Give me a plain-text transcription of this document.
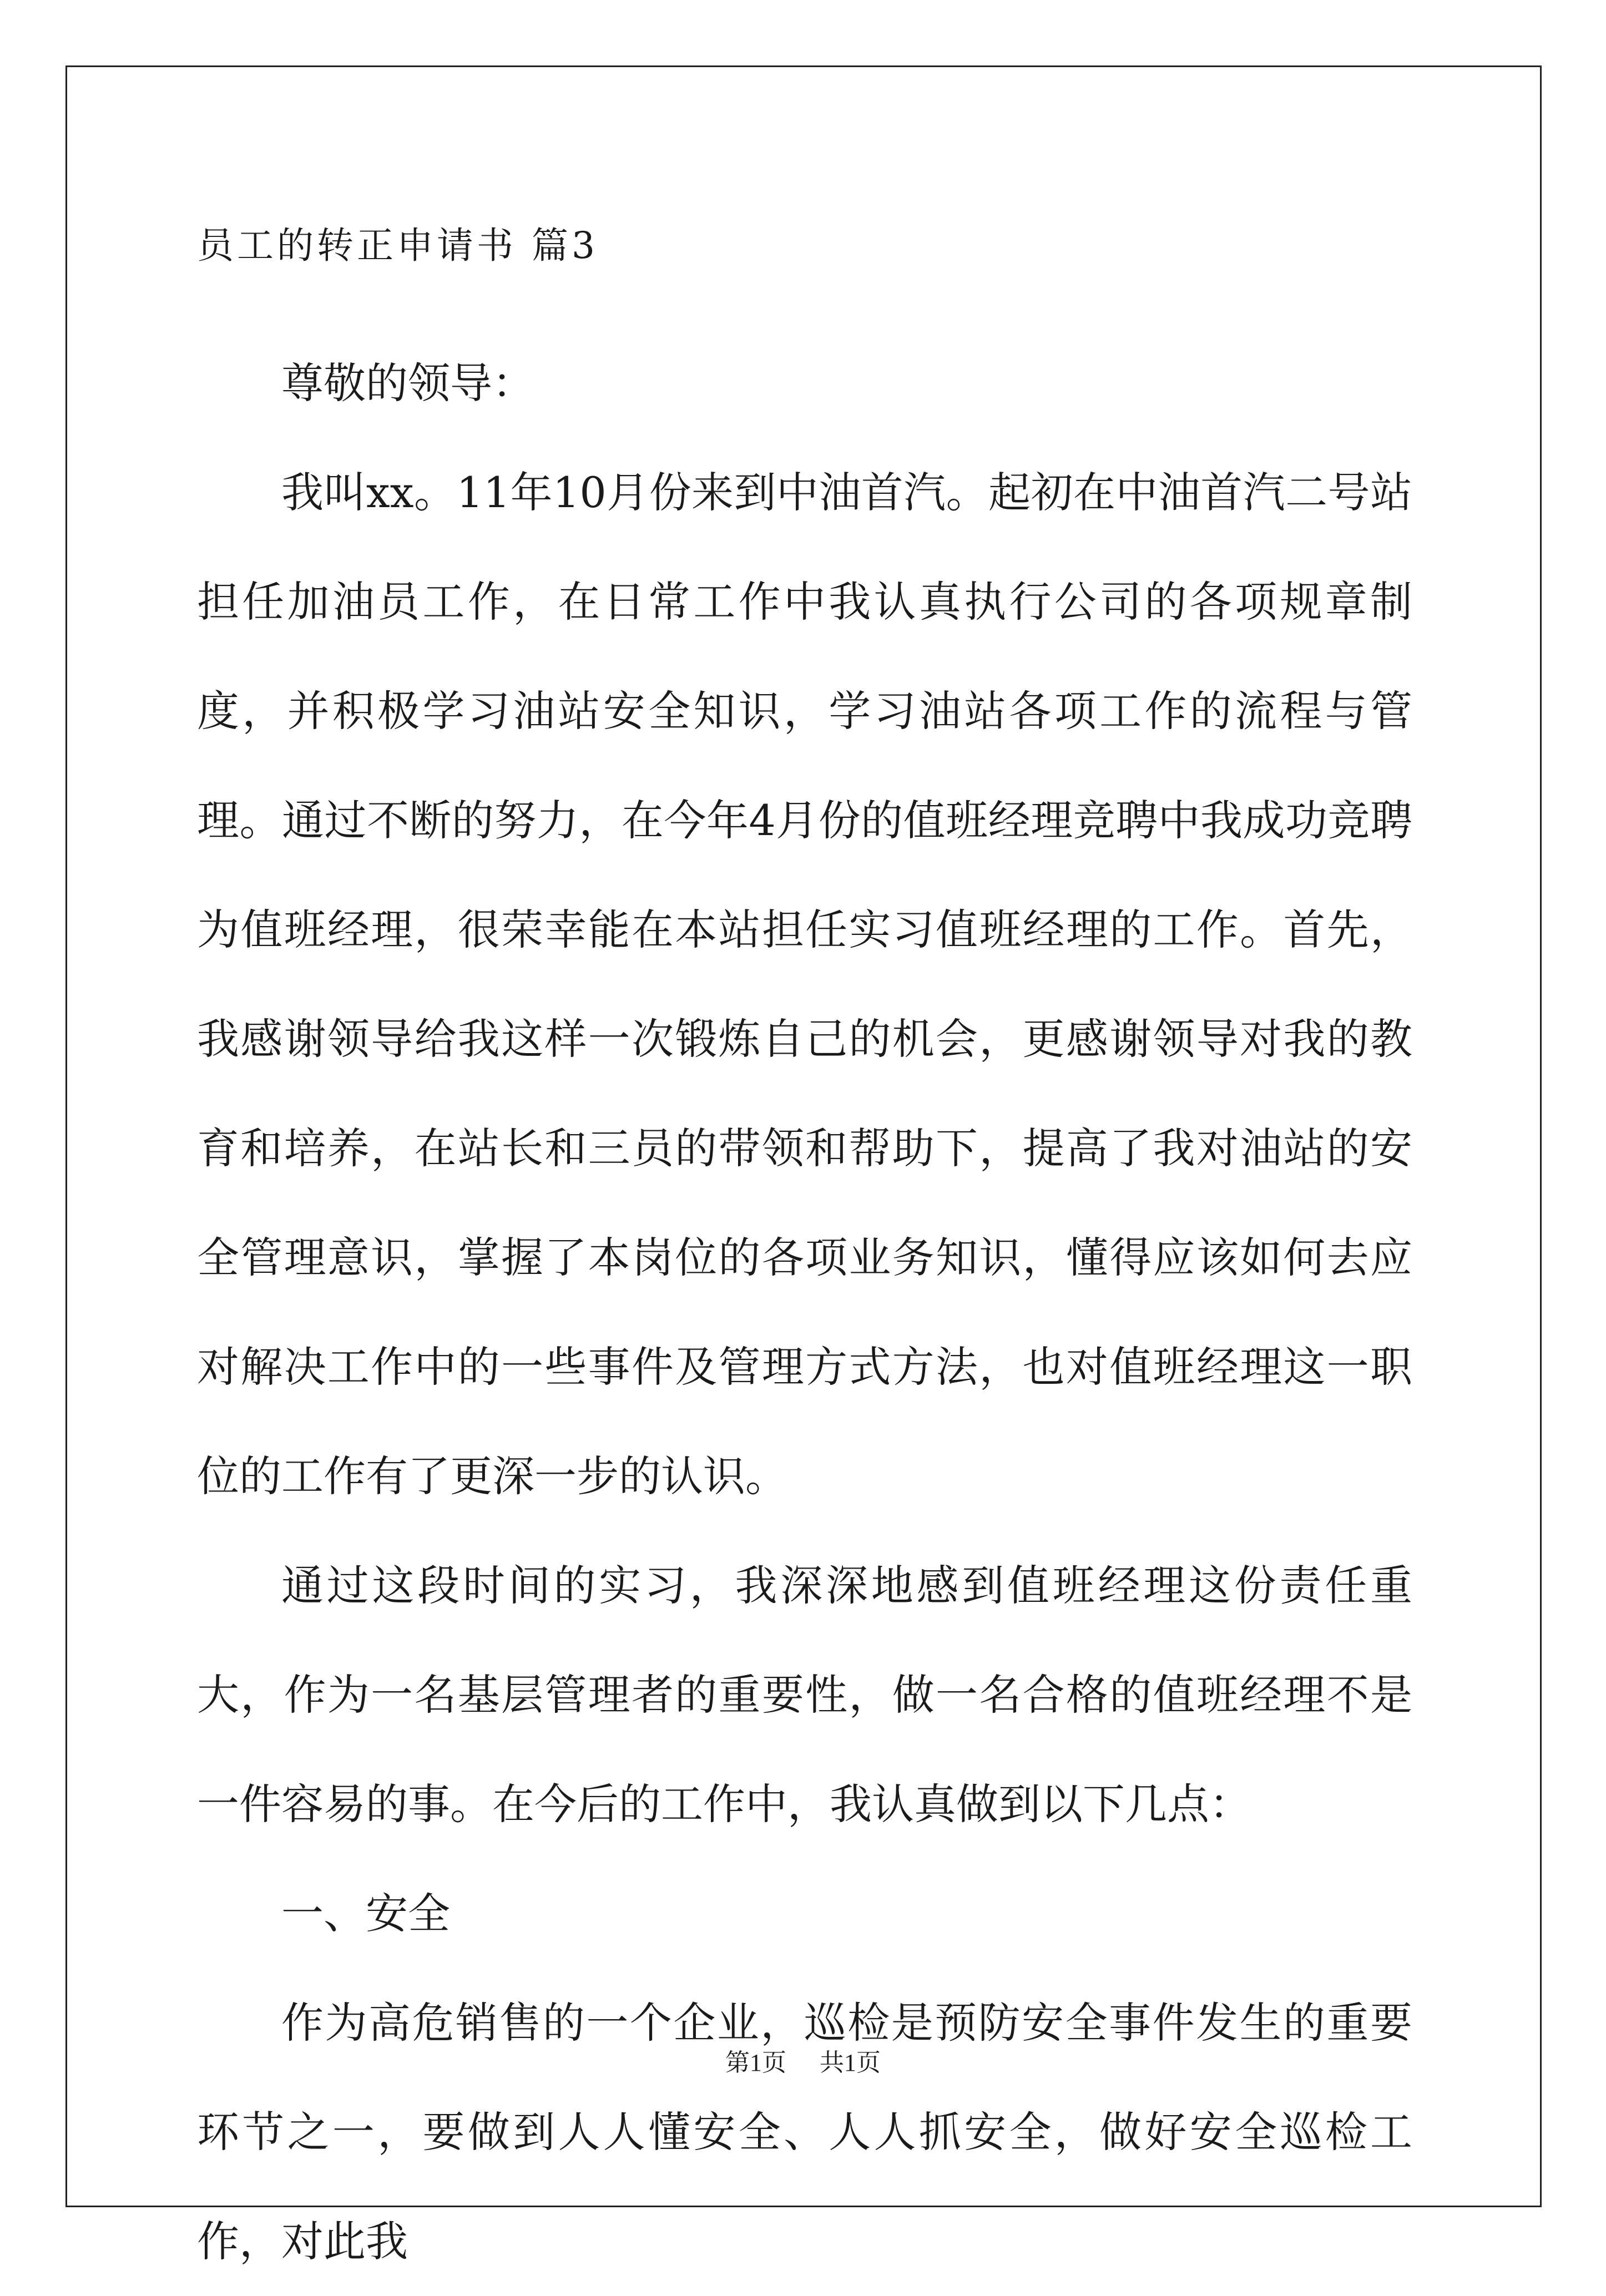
员工的转正申请书 篇3

尊敬的领导：

我叫xx。11年10月份来到中油首汽。起初在中油首汽二号站担任加油员工作，在日常工作中我认真执行公司的各项规章制度，并积极学习油站安全知识，学习油站各项工作的流程与管理。通过不断的努力，在今年4月份的值班经理竞聘中我成功竞聘为值班经理，很荣幸能在本站担任实习值班经理的工作。首先，我感谢领导给我这样一次锻炼自己的机会，更感谢领导对我的教育和培养，在站长和三员的带领和帮助下，提高了我对油站的安全管理意识，掌握了本岗位的各项业务知识，懂得应该如何去应对解决工作中的一些事件及管理方式方法，也对值班经理这一职位的工作有了更深一步的认识。

通过这段时间的实习，我深深地感到值班经理这份责任重大，作为一名基层管理者的重要性，做一名合格的值班经理不是一件容易的事。在今后的工作中，我认真做到以下几点：

一、安全

作为高危销售的一个企业，巡检是预防安全事件发生的重要环节之一，要做到人人懂安全、人人抓安全，做好安全巡检工作，对此我

第1页 共1页
